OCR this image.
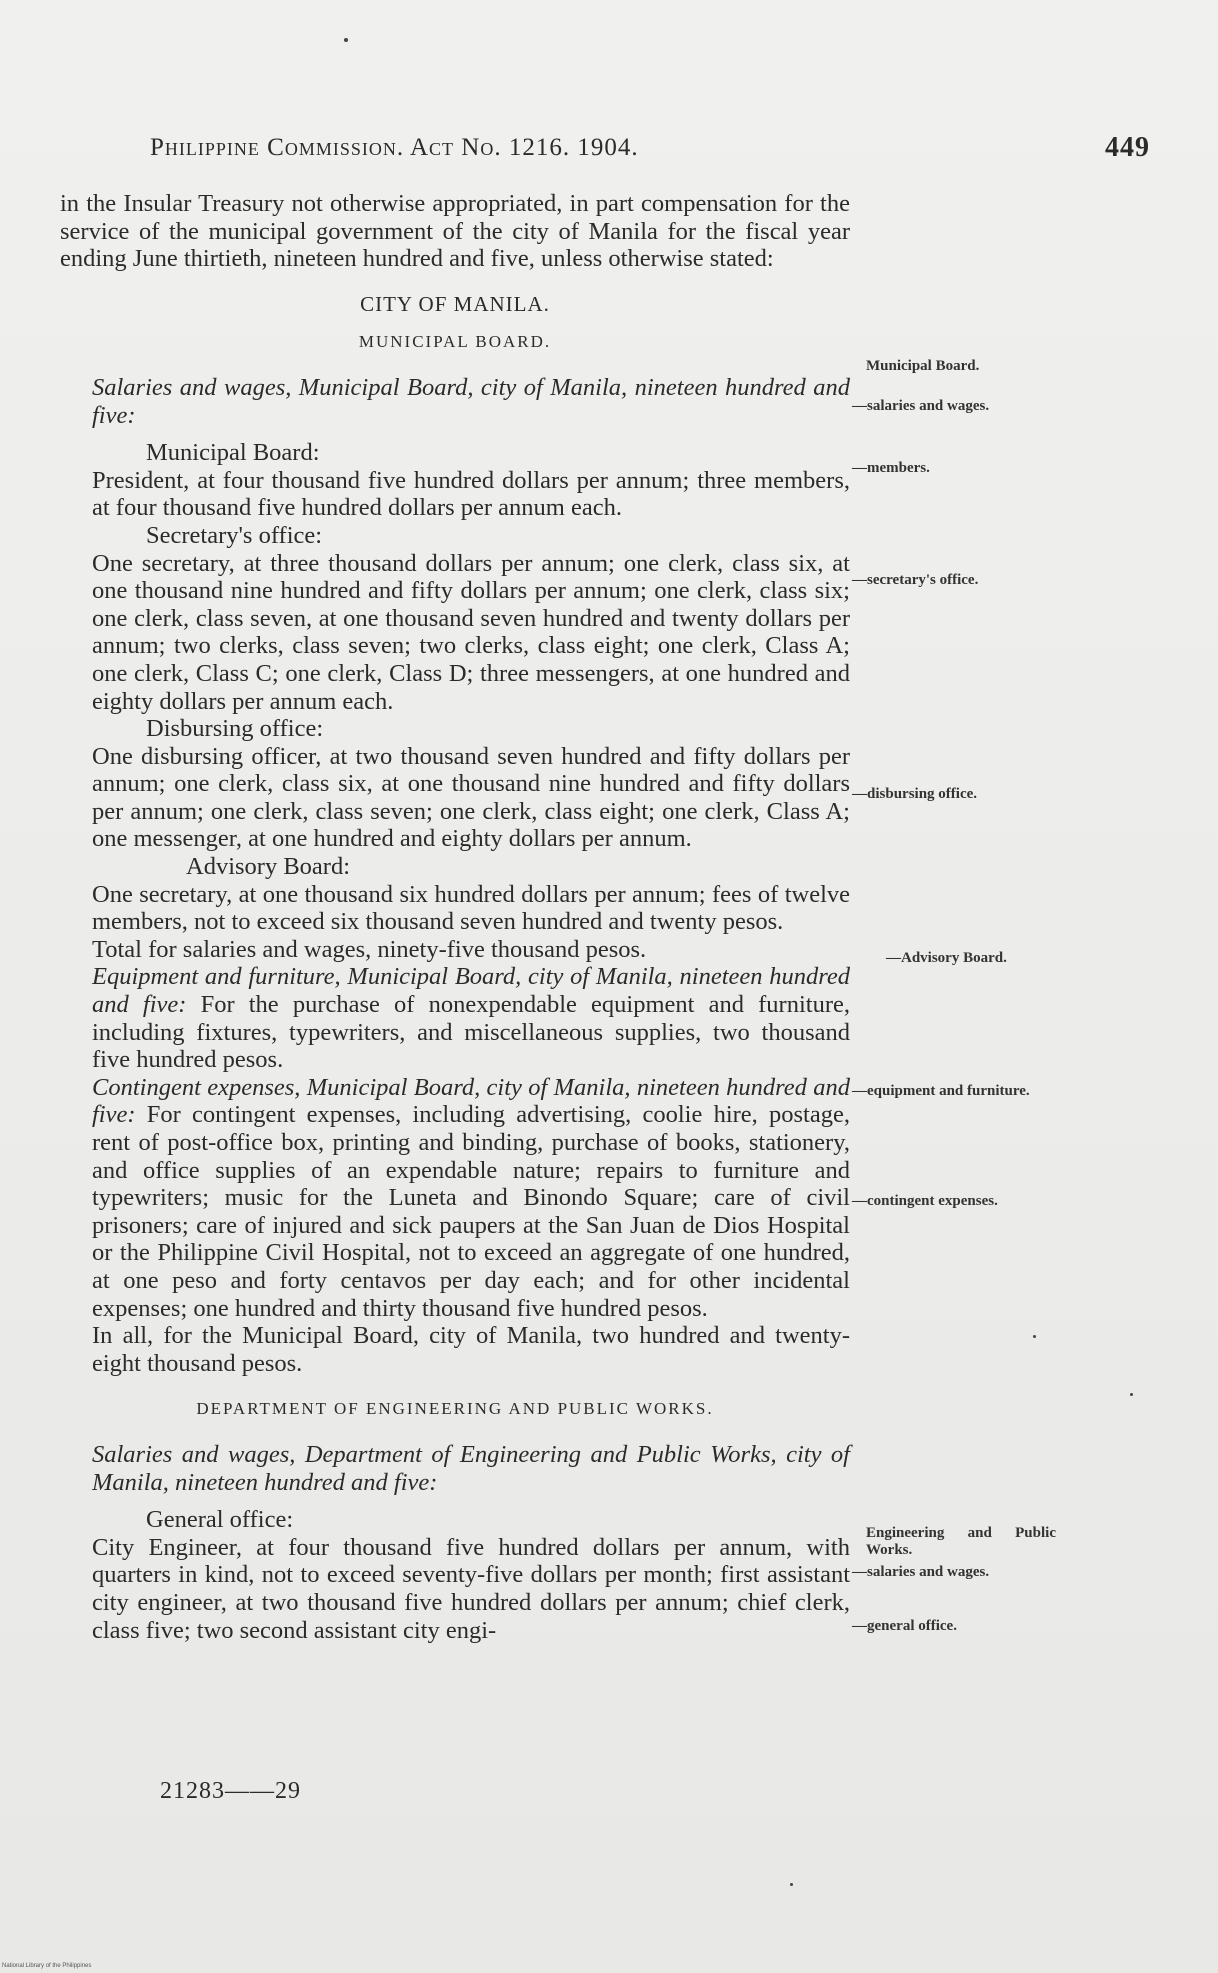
Philippine Commission. Act No. 1216. 1904.	449

in the Insular Treasury not otherwise appropriated, in part compensation for the service of the municipal government of the city of Manila for the fiscal year ending June thirtieth, nineteen hundred and five, unless otherwise stated:

CITY OF MANILA.

MUNICIPAL BOARD.

Salaries and wages, Municipal Board, city of Manila, nineteen hundred and five:

Municipal Board:

President, at four thousand five hundred dollars per annum; three members, at four thousand five hundred dollars per annum each.

Secretary's office:

One secretary, at three thousand dollars per annum; one clerk, class six, at one thousand nine hundred and fifty dollars per annum; one clerk, class six; one clerk, class seven, at one thousand seven hundred and twenty dollars per annum; two clerks, class seven; two clerks, class eight; one clerk, Class A; one clerk, Class C; one clerk, Class D; three messengers, at one hundred and eighty dollars per annum each.

Disbursing office:

One disbursing officer, at two thousand seven hundred and fifty dollars per annum; one clerk, class six, at one thousand nine hundred and fifty dollars per annum; one clerk, class seven; one clerk, class eight; one clerk, Class A; one messenger, at one hundred and eighty dollars per annum.

Advisory Board:

One secretary, at one thousand six hundred dollars per annum; fees of twelve members, not to exceed six thousand seven hundred and twenty pesos.

Total for salaries and wages, ninety-five thousand pesos.

Equipment and furniture, Municipal Board, city of Manila, nineteen hundred and five: For the purchase of nonexpendable equipment and furniture, including fixtures, typewriters, and miscellaneous supplies, two thousand five hundred pesos.

Contingent expenses, Municipal Board, city of Manila, nineteen hundred and five: For contingent expenses, including advertising, coolie hire, postage, rent of post-office box, printing and binding, purchase of books, stationery, and office supplies of an expendable nature; repairs to furniture and typewriters; music for the Luneta and Binondo Square; care of civil prisoners; care of injured and sick paupers at the San Juan de Dios Hospital or the Philippine Civil Hospital, not to exceed an aggregate of one hundred, at one peso and forty centavos per day each; and for other incidental expenses; one hundred and thirty thousand five hundred pesos.

In all, for the Municipal Board, city of Manila, two hundred and twenty-eight thousand pesos.

DEPARTMENT OF ENGINEERING AND PUBLIC WORKS.

Salaries and wages, Department of Engineering and Public Works, city of Manila, nineteen hundred and five:

General office:

City Engineer, at four thousand five hundred dollars per annum, with quarters in kind, not to exceed seventy-five dollars per month; first assistant city engineer, at two thousand five hundred dollars per annum; chief clerk, class five; two second assistant city engi-

Municipal Board.
—salaries and wages.
—members.
—secretary's office.
—disbursing office.
—Advisory Board.
—equipment and furniture.
—contingent expenses.
Engineering and Public Works.
—salaries and wages.
—general office.
21283——29
National Library of the Philippines
